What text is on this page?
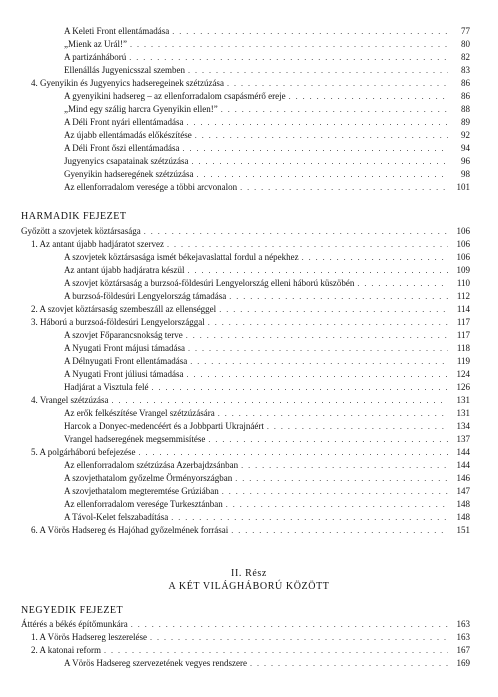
HARMADIK FEJEZET
II. Rész
A KÉT VILÁGHÁBORÚ KÖZÖTT
NEGYEDIK FEJEZET
A Keleti Front ellentámadása . . .	77
„Mienk az Urál!” . . .	80
A partizánháború . . .	82
Ellenállás Jugyenicsszal szemben . . .	83
4. Gyenyikin és Jugyenyics hadseregeinek szétzúzása . . .	86
A gyenyikini hadsereg – az ellenforradalom csapásmérő ereje . . .	86
„Mind egy szálig harcra Gyenyikin ellen!” . . .	88
A Déli Front nyári ellentámadása . . .	89
Az újabb ellentámadás előkészítése . . .	92
A Déli Front őszi ellentámadása . . .	94
Jugyenyics csapatainak szétzúzása . . .	96
Gyenyikin hadseregének szétzúzása . . .	98
Az ellenforradalom veresége a többi arcvonalon . . .	101
Győzött a szovjetek köztársasága . . .	106
1. Az antant újabb hadjáratot szervez . . .	106
A szovjetek köztársasága ismét békejavaslattal fordul a népekhez . . .	106
Az antant újabb hadjáratra készül . . .	109
A szovjet köztársaság a burzsoá-földesúri Lengyelország elleni háború küszöbén . . .	110
A burzsoá-földesúri Lengyelország támadása . . .	112
2. A szovjet köztársaság szembeszáll az ellenséggel . . .	114
3. Háború a burzsoá-földesúri Lengyelországgal . . .	117
A szovjet Főparancsnokság terve . . .	117
A Nyugati Front májusi támadása . . .	118
A Délnyugati Front ellentámadása . . .	119
A Nyugati Front júliusi támadása . . .	124
Hadjárat a Visztula felé . . .	126
4. Vrangel szétzúzása . . .	131
Az erők felkészítése Vrangel szétzúzására . . .	131
Harcok a Donyec-medencéért és a Jobbparti Ukrajnáért . . .	134
Vrangel hadseregének megsemmisítése . . .	137
5. A polgárháború befejezése . . .	144
Az ellenforradalom szétzúzása Azerbajdzsánban . . .	144
A szovjethatalom győzelme Örményországban . . .	146
A szovjethatalom megteremtése Grúziában . . .	147
Az ellenforradalom veresége Turkesztánban . . .	148
A Távol-Kelet felszabadítása . . .	148
6. A Vörös Hadsereg és Hajóhad győzelmének forrásai . . .	151
Áttérés a békés építőmunkára . . .	163
1. A Vörös Hadsereg leszerelése . . .	163
2. A katonai reform . . .	167
A Vörös Hadsereg szervezetének vegyes rendszere . . .	169
